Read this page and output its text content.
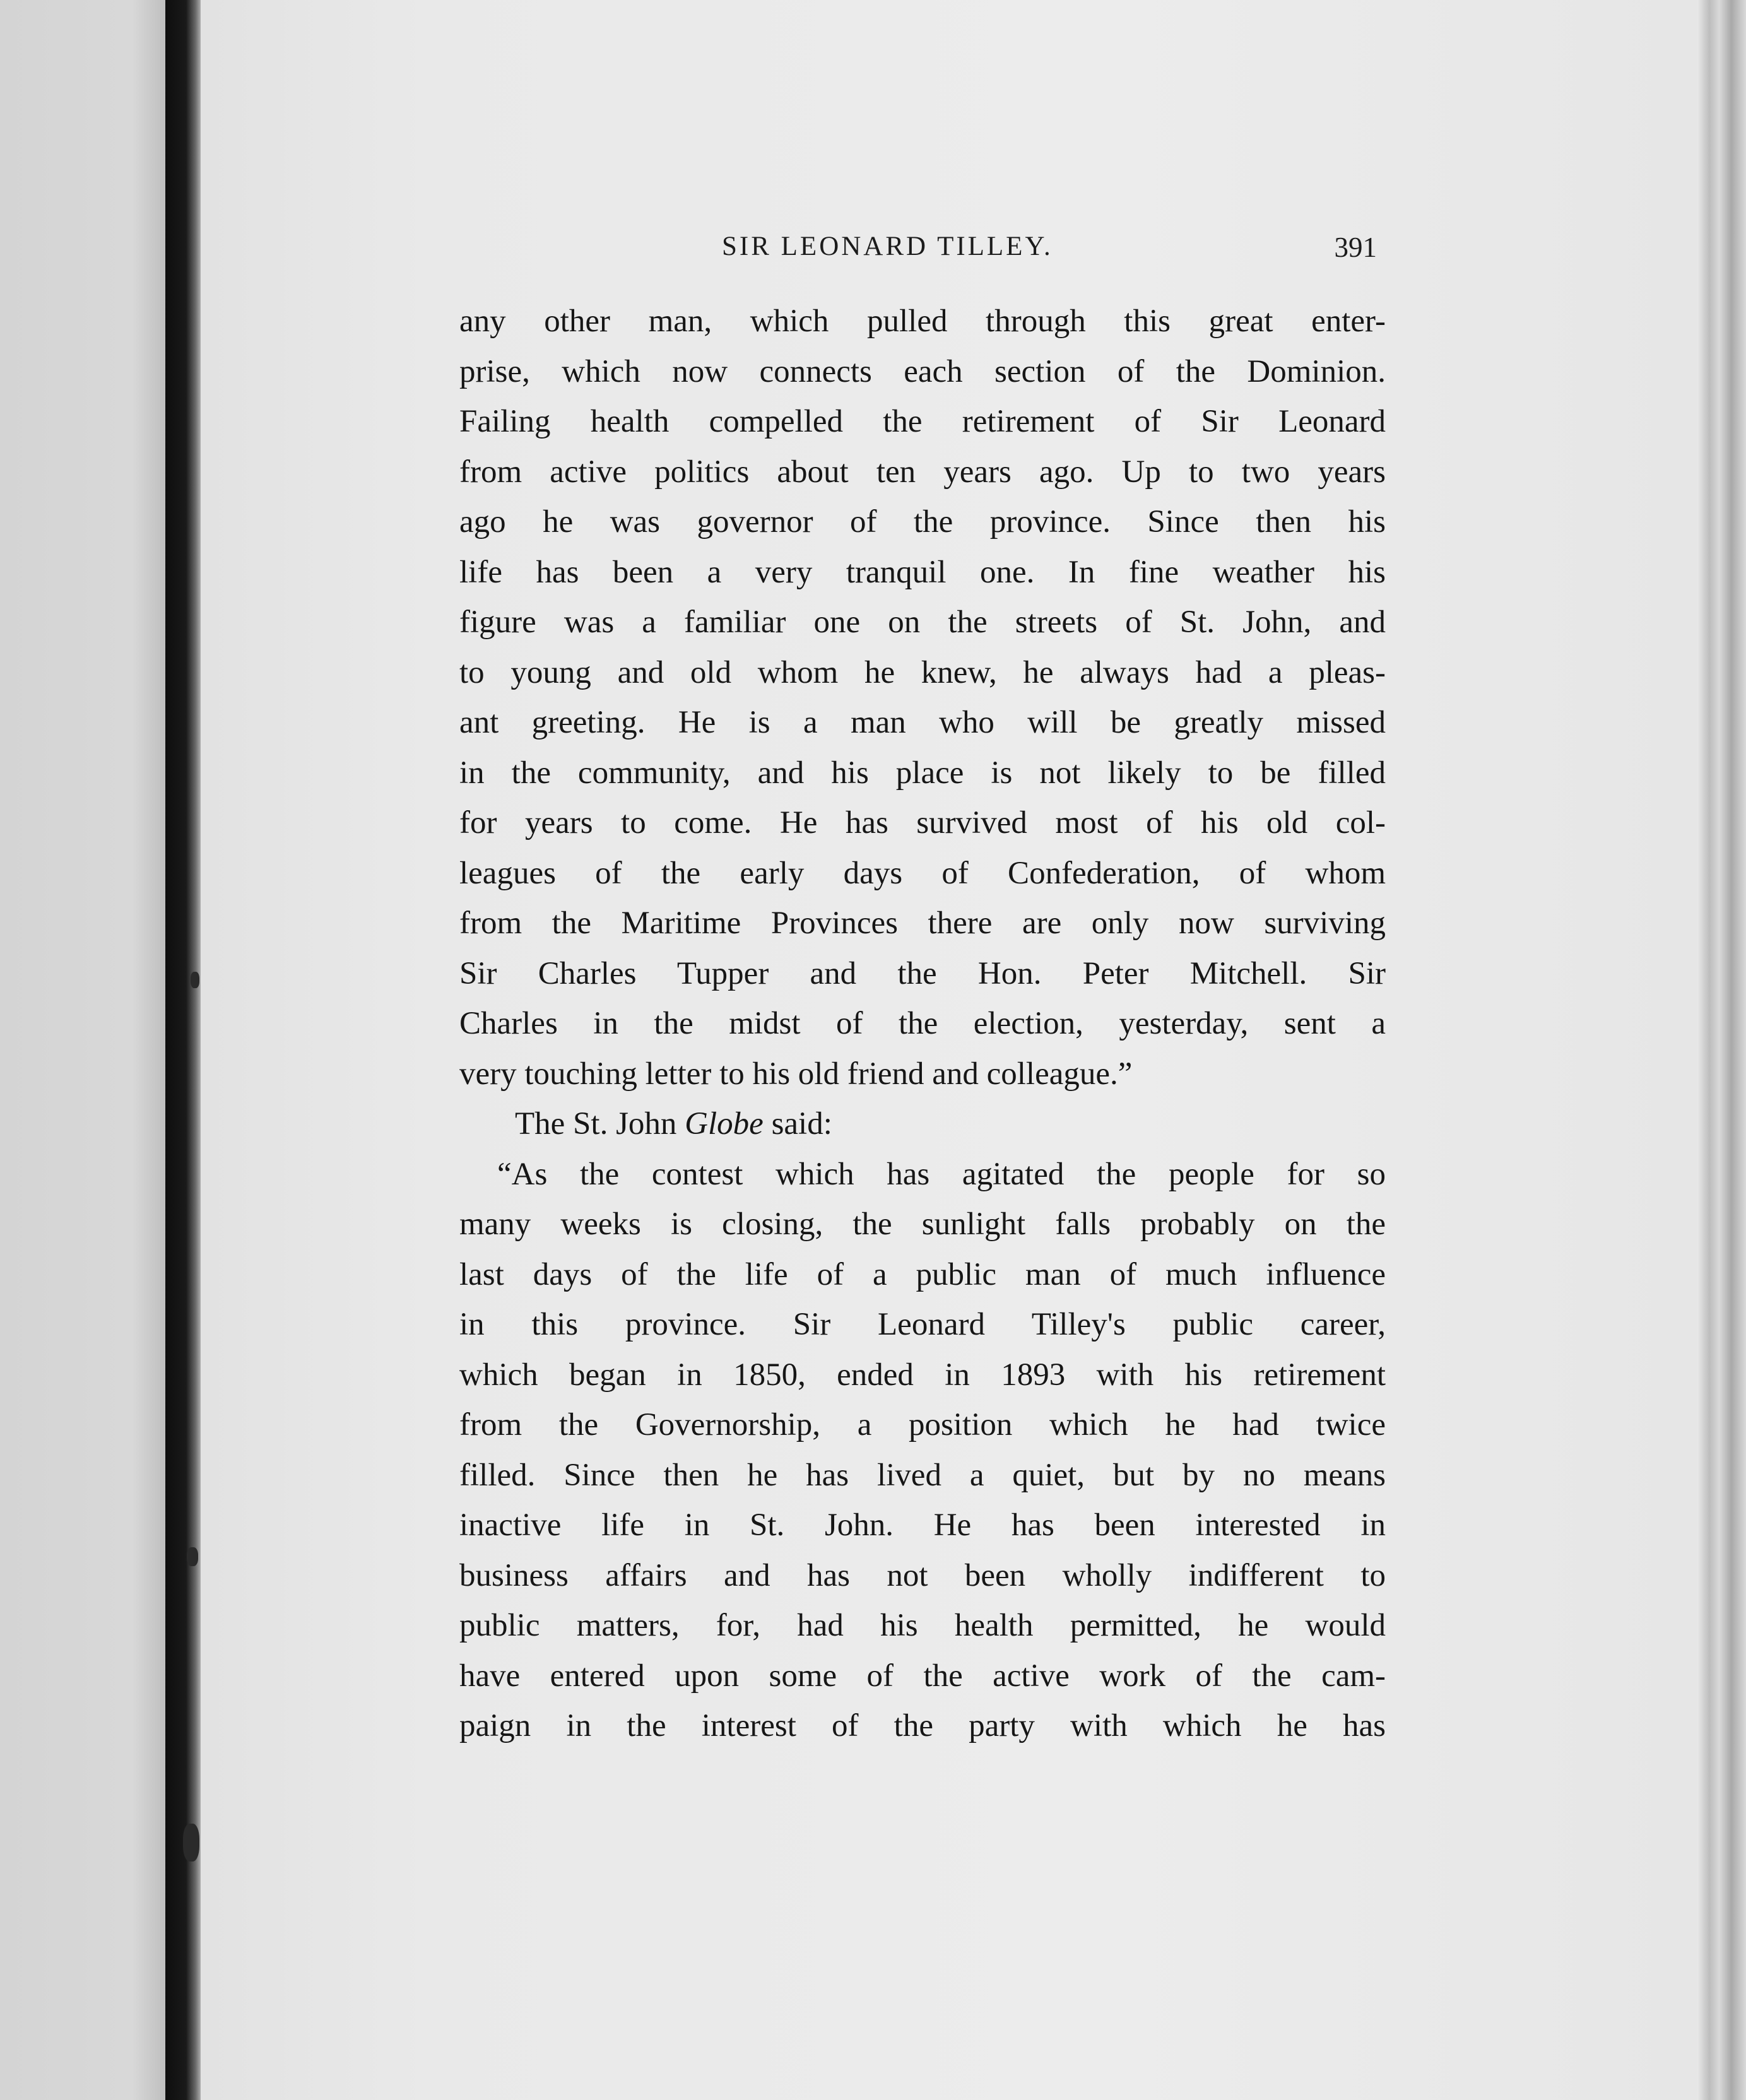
SIR LEONARD TILLEY.	391
any other man, which pulled through this great enter-
prise, which now connects each section of the Dominion.
Failing health compelled the retirement of Sir Leonard
from active politics about ten years ago. Up to two years
ago he was governor of the province. Since then his
life has been a very tranquil one. In fine weather his
figure was a familiar one on the streets of St. John, and
to young and old whom he knew, he always had a pleas-
ant greeting. He is a man who will be greatly missed
in the community, and his place is not likely to be filled
for years to come. He has survived most of his old col-
leagues of the early days of Confederation, of whom
from the Maritime Provinces there are only now surviving
Sir Charles Tupper and the Hon. Peter Mitchell. Sir
Charles in the midst of the election, yesterday, sent a
very touching letter to his old friend and colleague.”
The St. John Globe said:
“As the contest which has agitated the people for so
many weeks is closing, the sunlight falls probably on the
last days of the life of a public man of much influence
in this province. Sir Leonard Tilley's public career,
which began in 1850, ended in 1893 with his retirement
from the Governorship, a position which he had twice
filled. Since then he has lived a quiet, but by no means
inactive life in St. John. He has been interested in
business affairs and has not been wholly indifferent to
public matters, for, had his health permitted, he would
have entered upon some of the active work of the cam-
paign in the interest of the party with which he has
